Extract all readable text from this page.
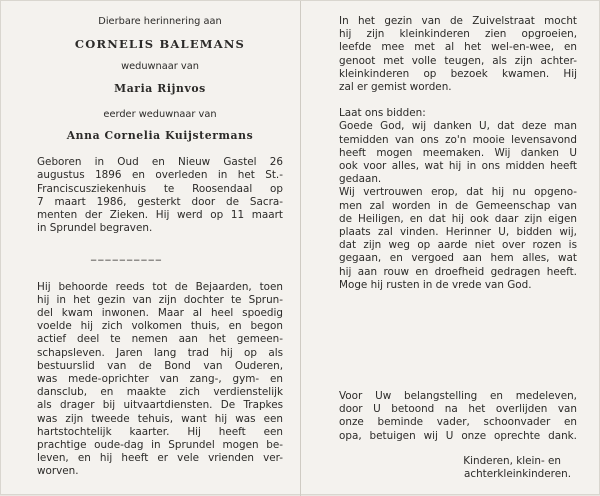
Dierbare herinnering aan

CORNELIS BALEMANS

weduwnaar van

Maria Rijnvos

eerder weduwnaar van

Anna Cornelia Kuijstermans

Geboren in Oud en Nieuw Gastel 26

augustus 1896 en overleden in het St.-

Franciscusziekenhuis te Roosendaal op

7 maart 1986, gesterkt door de Sacra-

menten der Zieken. Hij werd op 11 maart

in Sprundel begraven.

__________

Hij behoorde reeds tot de Bejaarden, toen

hij in het gezin van zijn dochter te Sprun-

del kwam inwonen. Maar al heel spoedig

voelde hij zich volkomen thuis, en begon

actief deel te nemen aan het gemeen-

schapsleven. Jaren lang trad hij op als

bestuurslid van de Bond van Ouderen,

was mede-oprichter van zang-, gym- en

dansclub, en maakte zich verdienstelijk

als drager bij uitvaartdiensten. De Trapkes

was zijn tweede tehuis, want hij was een

hartstochtelijk kaarter. Hij heeft een

prachtige oude-dag in Sprundel mogen be-

leven, en hij heeft er vele vrienden ver-

worven.

In het gezin van de Zuivelstraat mocht

hij zijn kleinkinderen zien opgroeien,

leefde mee met al het wel-en-wee, en

genoot met volle teugen, als zijn achter-

kleinkinderen op bezoek kwamen. Hij

zal er gemist worden.

Laat ons bidden:

Goede God, wij danken U, dat deze man

temidden van ons zo'n mooie levensavond

heeft mogen meemaken. Wij danken U

ook voor alles, wat hij in ons midden heeft

gedaan.

Wij vertrouwen erop, dat hij nu opgeno-

men zal worden in de Gemeenschap van

de Heiligen, en dat hij ook daar zijn eigen

plaats zal vinden. Herinner U, bidden wij,

dat zijn weg op aarde niet over rozen is

gegaan, en vergoed aan hem alles, wat

hij aan rouw en droefheid gedragen heeft.

Moge hij rusten in de vrede van God.

Voor Uw belangstelling en medeleven,

door U betoond na het overlijden van

onze beminde vader, schoonvader en

opa, betuigen wij U onze oprechte dank.

Kinderen, klein- en

achterkleinkinderen.
